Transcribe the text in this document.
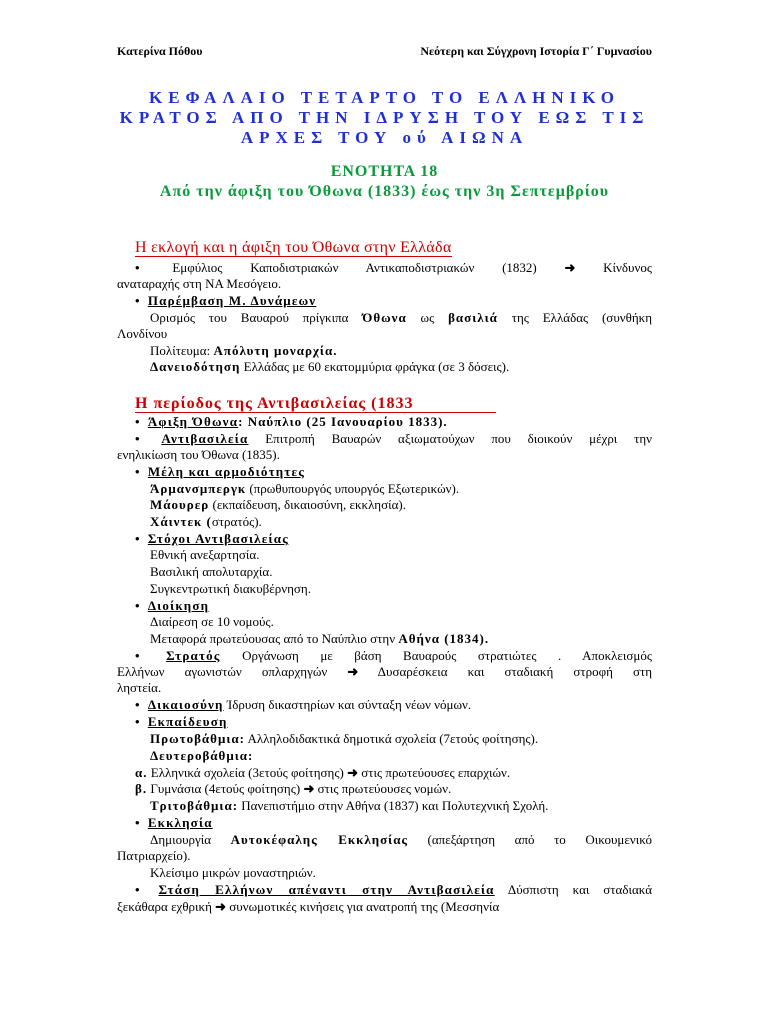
Κατερίνα Πόθου	Νεότερη και Σύγχρονη Ιστορία Γ΄ Γυμνασίου
ΚΕΦΑΛΑΙΟ ΤΕΤΑΡΤΟ ΤΟ ΕΛΛΗΝΙΚΟ
ΚΡΑΤΟΣ ΑΠΟ ΤΗΝ ΙΔΡΥΣΗ ΤΟΥ ΕΩΣ ΤΙΣ
ΑΡΧΕΣ ΤΟΥ ού ΑΙΩΝΑ
ΕΝΟΤΗΤΑ 18
Από την άφιξη του Όθωνα (1833) έως την 3η Σεπτεμβρίου
Η εκλογή και η άφιξη του Όθωνα στην Ελλάδα
• Εμφύλιος Καποδιστριακών Αντικαποδιστριακών (1832) ➜ Κίνδυνος
αναταραχής στη ΝΑ Μεσόγειο.
• Παρέμβαση Μ. Δυνάμεων
Ορισμός του Βαυαρού πρίγκιπα Όθωνα ως βασιλιά της Ελλάδας (συνθήκη
Λονδίνου
Πολίτευμα: Απόλυτη μοναρχία.
Δανειοδότηση Ελλάδας με 60 εκατομμύρια φράγκα (σε 3 δόσεις).
Η περίοδος της Αντιβασιλείας (1833
• Άφιξη Όθωνα: Ναύπλιο (25 Ιανουαρίου 1833).
• Αντιβασιλεία Επιτροπή Βαυαρών αξιωματούχων που διοικούν μέχρι την
ενηλικίωση του Όθωνα (1835).
• Μέλη και αρμοδιότητες
Άρμανσμπεργκ (πρωθυπουργός υπουργός Εξωτερικών).
Μάουρερ (εκπαίδευση, δικαιοσύνη, εκκλησία).
Χάιντεκ (στρατός).
• Στόχοι Αντιβασιλείας
Εθνική ανεξαρτησία.
Βασιλική απολυταρχία.
Συγκεντρωτική διακυβέρνηση.
• Διοίκηση
Διαίρεση σε 10 νομούς.
Μεταφορά πρωτεύουσας από το Ναύπλιο στην Αθήνα (1834).
• Στρατός Οργάνωση με βάση Βαυαρούς στρατιώτες . Αποκλεισμός
Ελλήνων αγωνιστών οπλαρχηγών ➜ Δυσαρέσκεια και σταδιακή στροφή στη
ληστεία.
• Δικαιοσύνη Ίδρυση δικαστηρίων και σύνταξη νέων νόμων.
• Εκπαίδευση
Πρωτοβάθμια: Αλληλοδιδακτικά δημοτικά σχολεία (7ετούς φοίτησης).
Δευτεροβάθμια:
α. Ελληνικά σχολεία (3ετούς φοίτησης) ➜ στις πρωτεύουσες επαρχιών.
β. Γυμνάσια (4ετούς φοίτησης) ➜ στις πρωτεύουσες νομών.
Τριτοβάθμια: Πανεπιστήμιο στην Αθήνα (1837) και Πολυτεχνική Σχολή.
• Εκκλησία
Δημιουργία Αυτοκέφαλης Εκκλησίας (απεξάρτηση από το Οικουμενικό
Πατριαρχείο).
Κλείσιμο μικρών μοναστηριών.
• Στάση Ελλήνων απέναντι στην Αντιβασιλεία Δύσπιστη και σταδιακά
ξεκάθαρα εχθρική ➜ συνωμοτικές κινήσεις για ανατροπή της (Μεσσηνία
